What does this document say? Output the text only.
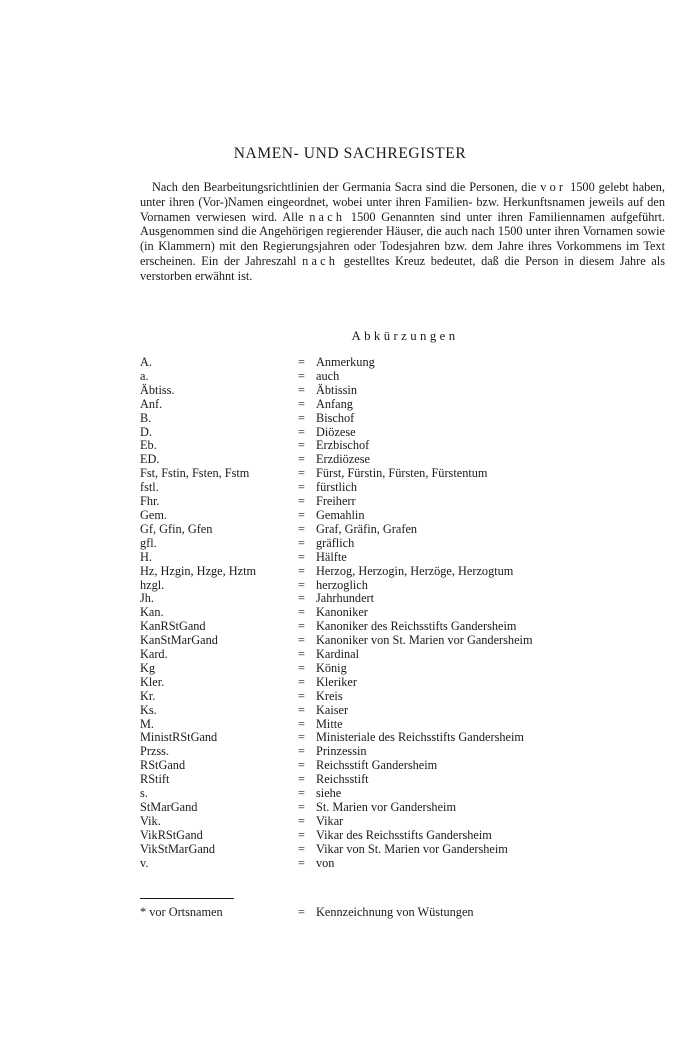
NAMEN- UND SACHREGISTER

Nach den Bearbeitungsrichtlinien der Germania Sacra sind die Personen, die vor 1500 gelebt haben, unter ihren (Vor-)Namen eingeordnet, wobei unter ihren Familien- bzw. Herkunftsnamen jeweils auf den Vornamen verwiesen wird. Alle nach 1500 Genannten sind unter ihren Familiennamen aufgeführt. Ausgenommen sind die Angehörigen regierender Häuser, die auch nach 1500 unter ihren Vornamen sowie (in Klammern) mit den Regierungsjahren oder Todesjahren bzw. dem Jahre ihres Vorkommens im Text erscheinen. Ein der Jahreszahl nach gestelltes Kreuz bedeutet, daß die Person in diesem Jahre als verstorben erwähnt ist.

Abkürzungen
A.	= Anmerkung
a.	= auch
Äbtiss.	= Äbtissin
Anf.	= Anfang
B.	= Bischof
D.	= Diözese
Eb.	= Erzbischof
ED.	= Erzdiözese
Fst, Fstin, Fsten, Fstm	= Fürst, Fürstin, Fürsten, Fürstentum
fstl.	= fürstlich
Fhr.	= Freiherr
Gem.	= Gemahlin
Gf, Gfin, Gfen	= Graf, Gräfin, Grafen
gfl.	= gräflich
H.	= Hälfte
Hz, Hzgin, Hzge, Hztm	= Herzog, Herzogin, Herzöge, Herzogtum
hzgl.	= herzoglich
Jh.	= Jahrhundert
Kan.	= Kanoniker
KanRStGand	= Kanoniker des Reichsstifts Gandersheim
KanStMarGand	= Kanoniker von St. Marien vor Gandersheim
Kard.	= Kardinal
Kg	= König
Kler.	= Kleriker
Kr.	= Kreis
Ks.	= Kaiser
M.	= Mitte
MinistRStGand	= Ministeriale des Reichsstifts Gandersheim
Przss.	= Prinzessin
RStGand	= Reichsstift Gandersheim
RStift	= Reichsstift
s.	= siehe
StMarGand	= St. Marien vor Gandersheim
Vik.	= Vikar
VikRStGand	= Vikar des Reichsstifts Gandersheim
VikStMarGand	= Vikar von St. Marien vor Gandersheim
v.	= von
* vor Ortsnamen	= Kennzeichnung von Wüstungen
